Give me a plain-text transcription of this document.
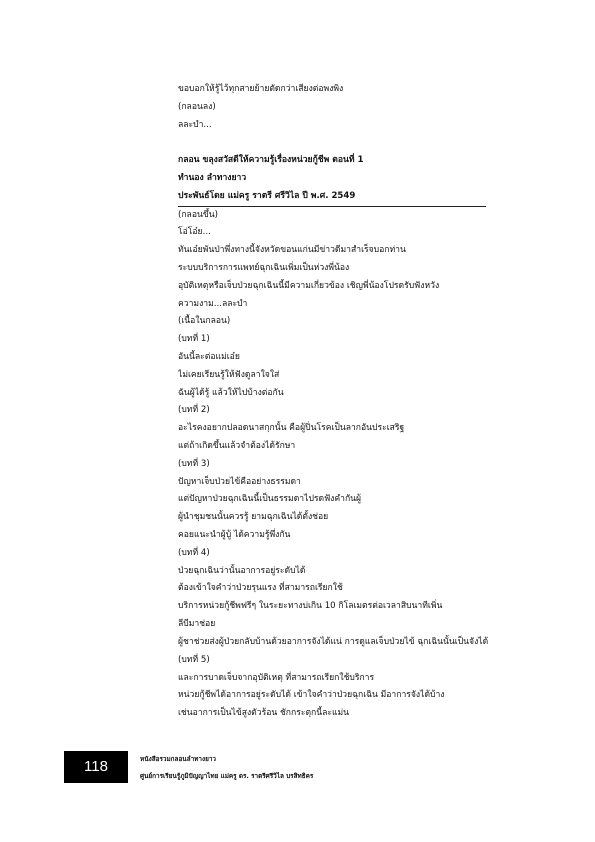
ขอบอกให้รู้ไว้ทุกสายย้ายตัดกว่าเสียงต่อพงพิง
(กลอนลง)
ลละบำ...
กลอน ขลุงสวัสดีให้ความรู้เรื่องหน่วยกู้ชีพ ตอนที่ 1
ทำนอง ลำทางยาว
ประพันธ์โดย แม่ครู ราตรี ศรีวิไล ปี พ.ศ. 2549
(กลอนขึ้น)
โอ่โอ๋ย...
ทันเอ๋ยพันป่าพึ่งทางนี้จังหวัดขอนแก่นมีข่าวดีมาสำเร็จบอกท่าน
ระบบบริการการแพทย์ฉุกเฉินเพิ่มเป็นห่วงพี่น้อง
อุบัติเหตุหรือเจ็บป่วยฉุกเฉินนี้มีความเกี่ยวข้อง เชิญพี่น้องโปรดรับฟังหวัง
ความงาม...ลละบำ
(เนื้อในกลอน)
(บทที่ 1)
อันนี้ละต่อแม่เอ๋ย
ไม่เคยเรียนรู้ให้ฟังดูลาใจใส่
ฉันผู้ได้รู้ แล้วให้ไปบ้างต่อกัน
(บทที่ 2)
อะไรคงอยากปลอดนาสกุกนั้น คือผู้ปิ่นโรคเป็นลากอันประเสริฐ
แต่ถ้าเกิดขึ้นแล้วจำต้องได้รักษา
(บทที่ 3)
ปัญหาเจ็บป่วยไข้คืออย่างธรรมดา
แต่ปัญหาป่วยฉุกเฉินนี้เป็นธรรมดาไปรดฟังคำกันผู้
ผู้นำชุมชนนั้นควรรู้ ยามฉุกเฉินได้ตั้งช่อย
คอยแนะนำผู้บู้ ได้ความรู้พึ่งกัน
(บทที่ 4)
ป่วยฉุกเฉินว่านั้นอาการอยู่ระดับได้
ต้องเข้าใจคำว่าป่วยรุนแรง ที่สามารถเรียกใช้
บริการหน่วยกู้ชีพฟรีๆ ในระยะทางบ่เกิน 10 กิโลเมตรต่อเวลาสิบนาทีเพิ่น
ลีบีมาช่อย
ผู้ชาช่วยส่งผู้ป่วยกลับบ้านด้วยอาการจังได้แน่ การดูแลเจ็บป่วยไข้ ฉุกเฉินนั้นเป็นจังได้
(บทที่ 5)
และการบาดเจ็บจากอุบัติเหตุ ที่สามารถเรียกใช้บริการ
หน่วยกู้ชีพได้อาการอยู่ระดับได้ เข้าใจคำว่าป่วยฉุกเฉิน มีอาการจังได้บ้าง
เช่นอาการเป็นไข้สูงตัวร้อน ชักกระตุกนี้ละแม่น
118	หนังสือรวมกลอนลำทางยาว
ศูนย์การเรียนรู้ภูมิปัญญาไทย แม่ครู ดร. ราตรีศรีวิไล บรสิทธิคร
